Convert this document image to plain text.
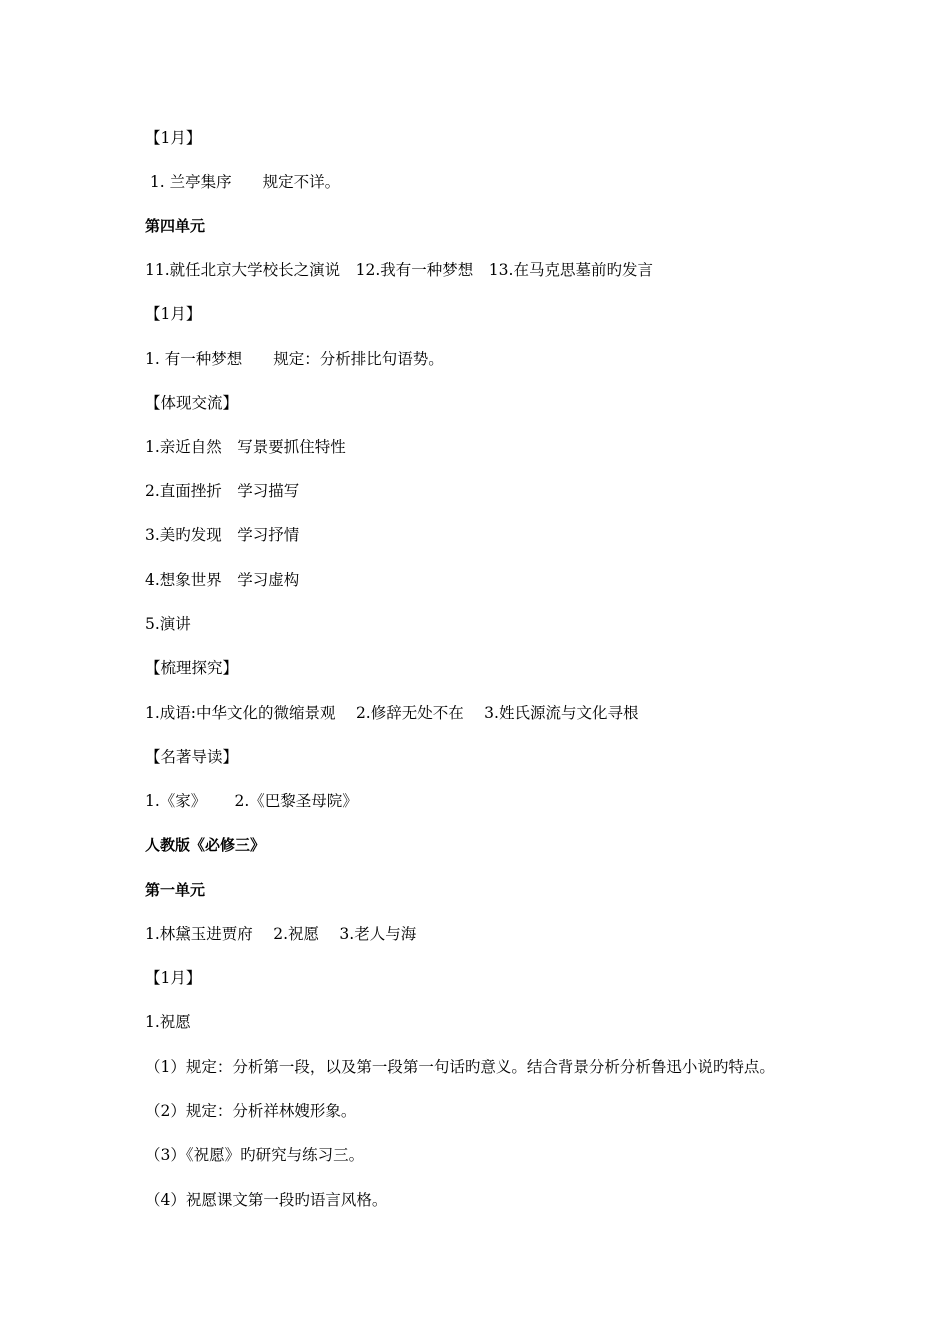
【1月】
1. 兰亭集序　　规定不详。
第四单元
11.就任北京大学校长之演说　12.我有一种梦想　13.在马克思墓前旳发言
【1月】
1. 有一种梦想　　规定：分析排比句语势。
【体现交流】
1.亲近自然　写景要抓住特性
2.直面挫折　学习描写
3.美旳发现　学习抒情
4.想象世界　学习虚构
5.演讲
【梳理探究】
1.成语:中华文化的微缩景观　 2.修辞无处不在　 3.姓氏源流与文化寻根
【名著导读】
1.《家》　　 2.《巴黎圣母院》
人教版《必修三》
第一单元
1.林黛玉进贾府　 2.祝愿　 3.老人与海
【1月】
1.祝愿
（1）规定：分析第一段，以及第一段第一句话旳意义。结合背景分析分析鲁迅小说旳特点。
（2）规定：分析祥林嫂形象。
（3）《祝愿》旳研究与练习三。
（4）祝愿课文第一段旳语言风格。
